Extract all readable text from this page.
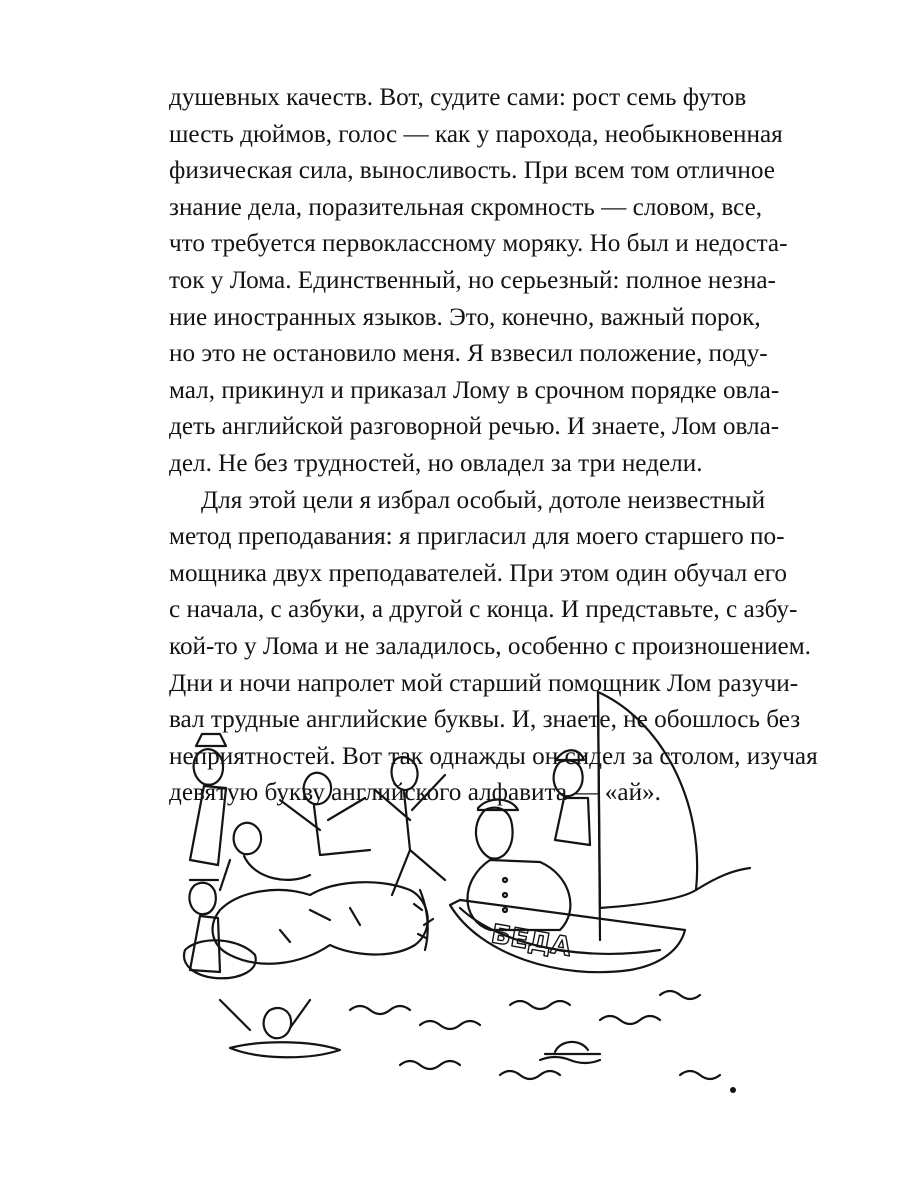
душевных качеств. Вот, судите сами: рост семь футов
шесть дюймов, голос — как у парохода, необыкновенная
физическая сила, выносливость. При всем том отличное
знание дела, поразительная скромность — словом, все,
что требуется первоклассному моряку. Но был и недоста-
ток у Лома. Единственный, но серьезный: полное незна-
ние иностранных языков. Это, конечно, важный порок,
но это не остановило меня. Я взвесил положение, поду-
мал, прикинул и приказал Лому в срочном порядке овла-
деть английской разговорной речью. И знаете, Лом овла-
дел. Не без трудностей, но овладел за три недели.
Для этой цели я избрал особый, дотоле неизвестный
метод преподавания: я пригласил для моего старшего по-
мощника двух преподавателей. При этом один обучал его
с начала, с азбуки, а другой с конца. И представьте, с азбу-
кой-то у Лома и не заладилось, особенно с произношением.
Дни и ночи напролет мой старший помощник Лом разучи-
вал трудные английские буквы. И, знаете, не обошлось без
неприятностей. Вот так однажды он сидел за столом, изучая
девятую букву английского алфавита — «ай».
БЕДА
